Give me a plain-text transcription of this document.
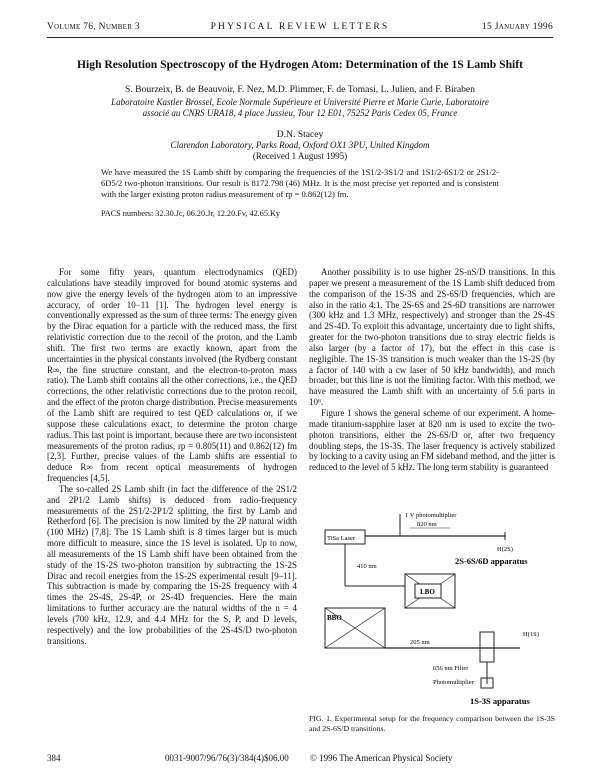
Volume 76, Number 3	PHYSICAL REVIEW LETTERS	15 January 1996
High Resolution Spectroscopy of the Hydrogen Atom: Determination of the 1S Lamb Shift
S. Bourzeix, B. de Beauvoir, F. Nez, M.D. Plimmer, F. de Tomasi, L. Julien, and F. Biraben
Laboratoire Kastler Brossel, Ecole Normale Supérieure et Université Pierre et Marie Curie, Laboratoire
associé au CNRS URA18, 4 place Jussieu, Tour 12 E01, 75252 Paris Cedex 05, France
D.N. Stacey
Clarendon Laboratory, Parks Road, Oxford OX1 3PU, United Kingdom
(Received 1 August 1995)
We have measured the 1S Lamb shift by comparing the frequencies of the 1S1/2-3S1/2 and 1S1/2-6S1/2 or 2S1/2-6D5/2 two-photon transitions. Our result is 8172.798 (46) MHz. It is the most precise yet reported and is consistent with the larger existing proton radius measurement of rp = 0.862(12) fm.
PACS numbers: 32.30.Jc, 06.20.Jr, 12.20.Fv, 42.65.Ky

For some fifty years, quantum electrodynamics (QED) calculations have steadily improved for bound atomic systems and now give the energy levels of the hydrogen atom to an impressive accuracy, of order 10−11 [1]. The hydrogen level energy is conventionally expressed as the sum of three terms: The energy given by the Dirac equation for a particle with the reduced mass, the first relativistic correction due to the recoil of the proton, and the Lamb shift. The first two terms are exactly known, apart from the uncertainties in the physical constants involved (the Rydberg constant R∞, the fine structure constant, and the electron-to-proton mass ratio). The Lamb shift contains all the other corrections, i.e., the QED corrections, the other relativistic corrections due to the proton recoil, and the effect of the proton charge distribution. Precise measurements of the Lamb shift are required to test QED calculations or, if we suppose these calculations exact, to determine the proton charge radius. This last point is important, because there are two inconsistent measurements of the proton radius, rp = 0.805(11) and 0.862(12) fm [2,3]. Further, precise values of the Lamb shifts are essential to deduce R∞ from recent optical measurements of hydrogen frequencies [4,5].

The so-called 2S Lamb shift (in fact the difference of the 2S1/2 and 2P1/2 Lamb shifts) is deduced from radio-frequency measurements of the 2S1/2-2P1/2 splitting, the first by Lamb and Retherford [6]. The precision is now limited by the 2P natural width (100 MHz) [7,8]. The 1S Lamb shift is 8 times larger but is much more difficult to measure, since the 1S level is isolated. Up to now, all measurements of the 1S Lamb shift have been obtained from the study of the 1S-2S two-photon transition by subtracting the 1S-2S Dirac and recoil energies from the 1S-2S experimental result [9–11]. This subtraction is made by comparing the 1S-2S frequency with 4 times the 2S-4S, 2S-4P, or 2S-4D frequencies. Here the main limitations to further accuracy are the natural widths of the n = 4 levels (700 kHz, 12.9, and 4.4 MHz for the S, P, and D levels, respectively) and the low probabilities of the 2S-4S/D two-photon transitions.

Another possibility is to use higher 2S-nS/D transitions. In this paper we present a measurement of the 1S Lamb shift deduced from the comparison of the 1S-3S and 2S-6S/D frequencies, which are also in the ratio 4:1. The 2S-6S and 2S-6D transitions are narrower (300 kHz and 1.3 MHz, respectively) and stronger than the 2S-4S and 2S-4D. To exploit this advantage, uncertainty due to light shifts, greater for the two-photon transitions due to stray electric fields is also larger (by a factor of 17), but the effect in this case is negligible. The 1S-3S transition is much weaker than the 1S-2S (by a factor of 140 with a cw laser of 50 kHz bandwidth), and much broader, but this line is not the limiting factor. With this method, we have measured the Lamb shift with an uncertainty of 5.6 parts in 10⁶.

Figure 1 shows the general scheme of our experiment. A home-made titanium-sapphire laser at 820 nm is used to excite the two-photon transitions, either the 2S-6S/D or, after two frequency doubling steps, the 1S-3S. The laser frequency is actively stabilized by locking to a cavity using an FM sideband method, and the jitter is reduced to the level of 5 kHz. The long term stability is guaranteed

1 V photomultiplier
820 nm
TiSa Laser
H(2S)
2S-6S/6D apparatus
410 nm
LBO
BBO
205 nm
H(1S)
656 nm Filter
Photomultiplier
1S-3S apparatus
FIG. 1. Experimental setup for the frequency comparison between the 1S-3S and 2S-6S/D transitions.
384	0031-9007/96/76(3)/384(4)$06.00 © 1996 The American Physical Society
